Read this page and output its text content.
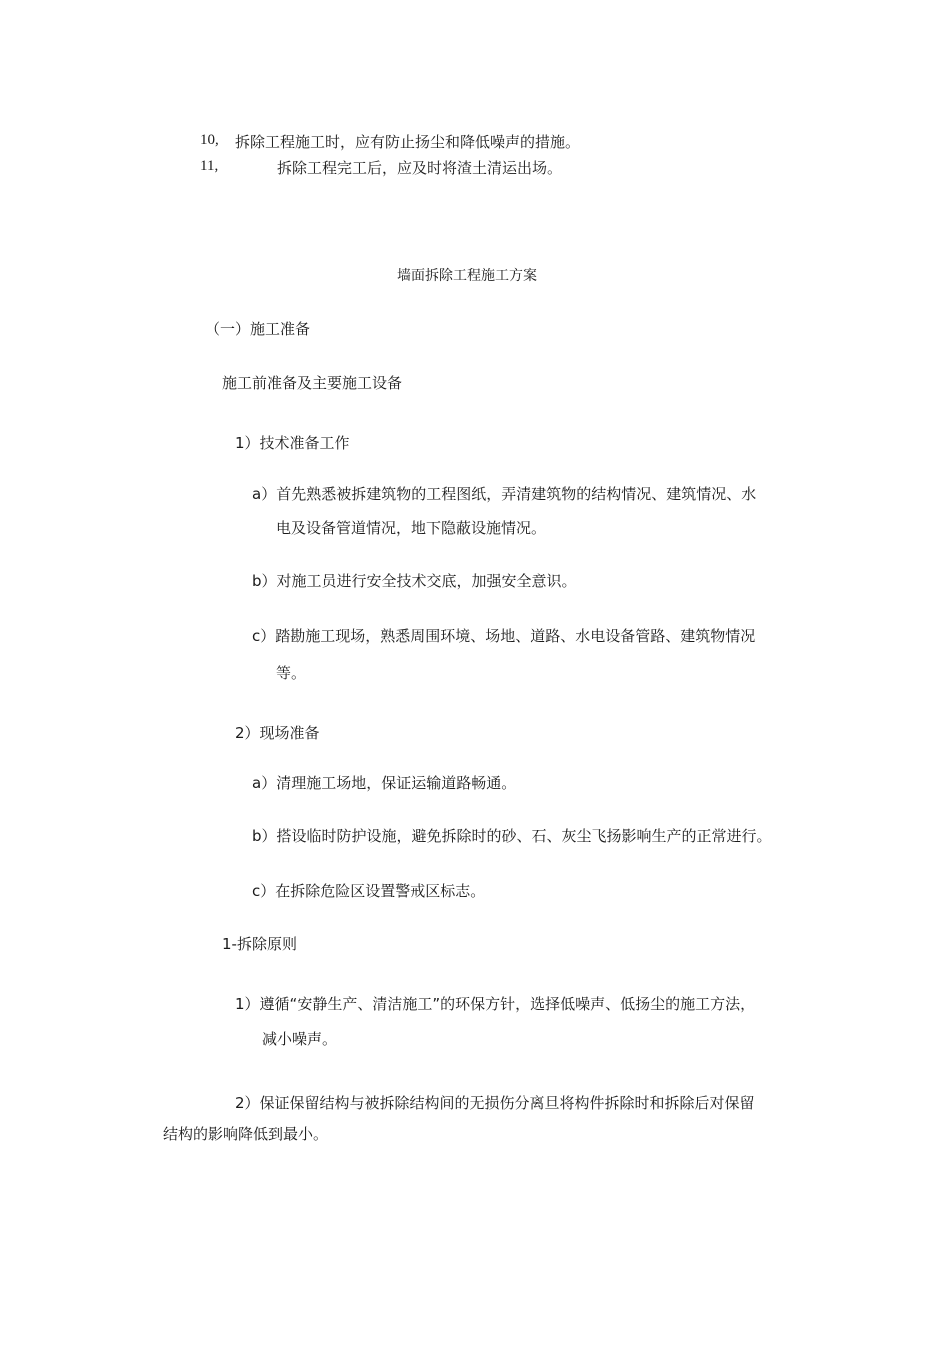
10, 拆除工程施工时，应有防止扬尘和降低噪声的措施。
11,	拆除工程完工后，应及时将渣土清运出场。
墙面拆除工程施工方案
（一）施工准备
施工前准备及主要施工设备
1）技术准备工作
a）首先熟悉被拆建筑物的工程图纸，弄清建筑物的结构情况、建筑情况、水
电及设备管道情况，地下隐蔽设施情况。
b）对施工员进行安全技术交底，加强安全意识。
c）踏勘施工现场，熟悉周围环境、场地、道路、水电设备管路、建筑物情况
等。
2）现场准备
a）清理施工场地，保证运输道路畅通。
b）搭设临时防护设施，避免拆除时的砂、石、灰尘飞扬影响生产的正常进行。
c）在拆除危险区设置警戒区标志。
1-拆除原则
1）遵循“安静生产、清洁施工”的环保方针，选择低噪声、低扬尘的施工方法，
减小噪声。
2）保证保留结构与被拆除结构间的无损伤分离旦将构件拆除时和拆除后对保留
结构的影响降低到最小。
